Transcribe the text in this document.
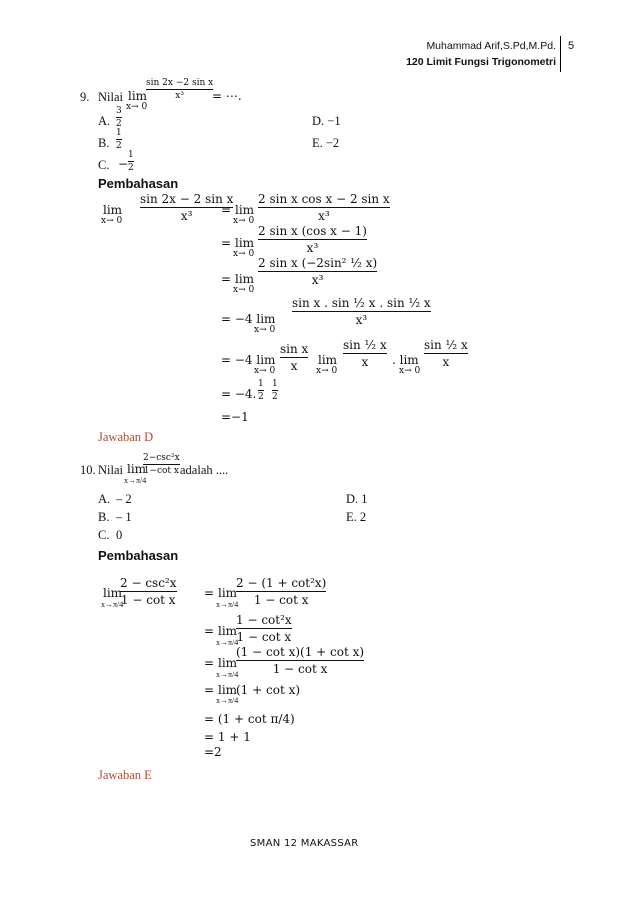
Muhammad Arif,S.Pd,M.Pd.
120 Limit Fungsi Trigonometri
5
9. Nilai lim
x→ 0
sin 2x −2 sin x
x³ = ⋯.
A.
3
2
B.
1
2
C. −
1
2
D. −1
E. −2
Pembahasan
lim
x→ 0
sin 2x − 2 sin x
x³ = lim
x→ 0
2 sin x cos x − 2 sin x
x³
= lim
x→ 0
2 sin x (cos x − 1)
x³
= lim
x→ 0
2 sin x (−2sin² ½ x)
x³
= −4 lim
x→ 0
sin x . sin ½ x . sin ½ x
x³
= −4 lim
x→ 0
sin x
x lim
x→ 0
sin ½ x
x . lim
x→ 0
sin ½ x
x
= −4.
1
2
1
2
=−1
Jawaban D
10. Nilai lim
x→π/4
2−csc²x
1−cot x adalah ....
A. – 2
B. – 1
C. 0
D. 1
E. 2
Pembahasan
lim
x→π/4
2 − csc²x
1 − cot x = lim
x→π/4
2 − (1 + cot²x)
1 − cot x
= lim
x→π/4
1 − cot²x
1 − cot x
= lim
x→π/4
(1 − cot x)(1 + cot x)
1 − cot x
= lim
x→π/4
(1 + cot x)
= (1 + cot π/4)
= 1 + 1
=2
Jawaban E
SMAN 12 MAKASSAR
